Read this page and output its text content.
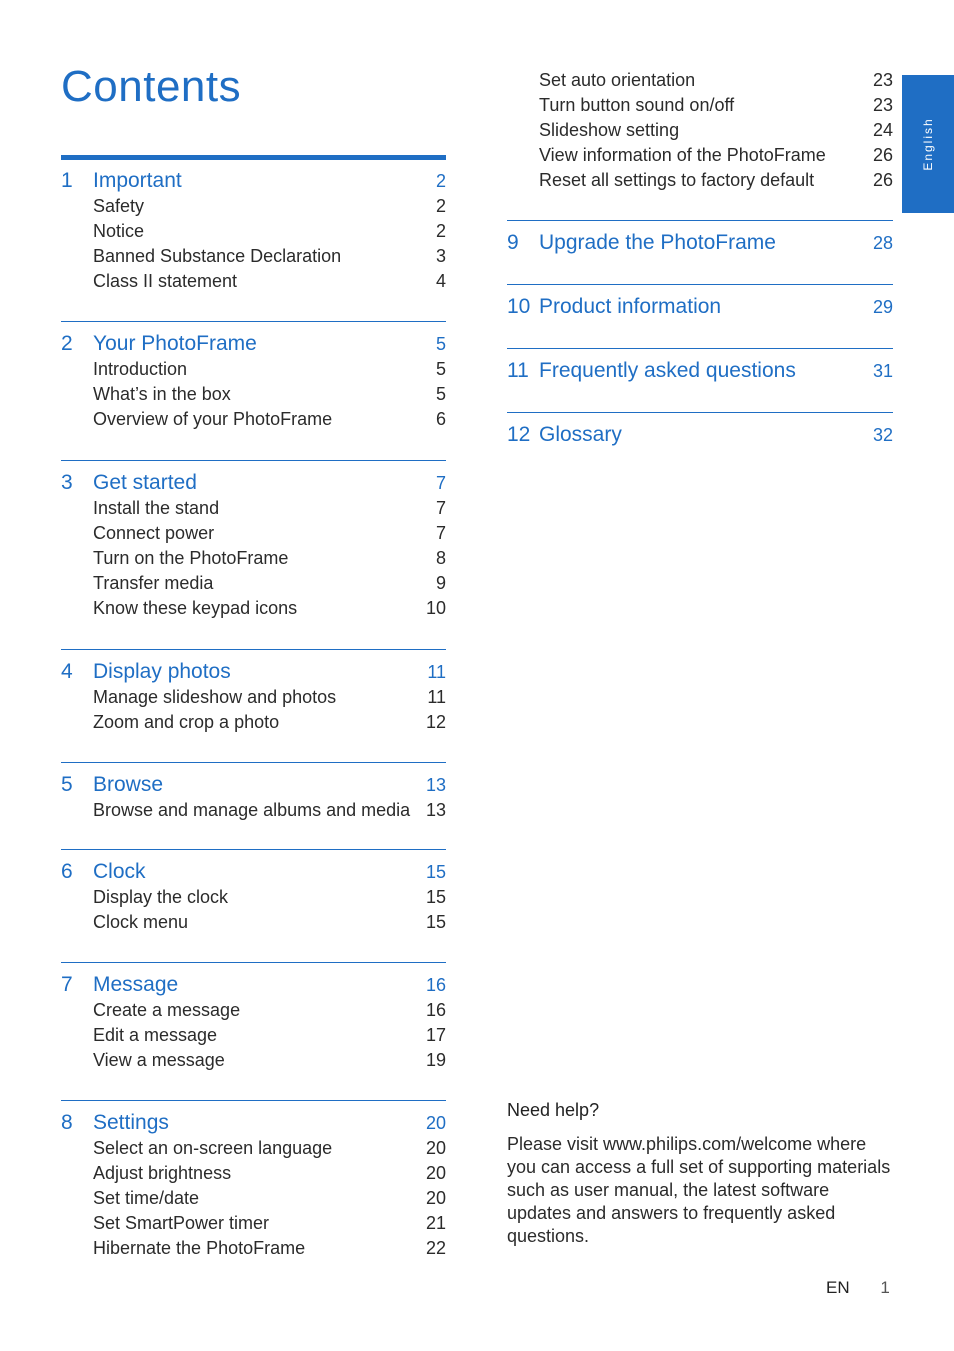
Contents
English
1 Important	2
Safety	2
Notice	2
Banned Substance Declaration	3
Class II statement	4
2 Your PhotoFrame	5
Introduction	5
What’s in the box	5
Overview of your PhotoFrame	6
3 Get started	7
Install the stand	7
Connect power	7
Turn on the PhotoFrame	8
Transfer media	9
Know these keypad icons	10
4 Display photos	11
Manage slideshow and photos	11
Zoom and crop a photo	12
5 Browse	13
Browse and manage albums and media 13
6 Clock	15
Display the clock	15
Clock menu	15
7 Message	16
Create a message	16
Edit a message	17
View a message	19
8 Settings	20
Select an on-screen language	20
Adjust brightness	20
Set time/date	20
Set SmartPower timer	21
Hibernate the PhotoFrame	22
Set auto orientation	23
Turn button sound on/off	23
Slideshow setting	24
View information of the PhotoFrame	26
Reset all settings to factory default	26
9 Upgrade the PhotoFrame	28
10 Product information	29
11 Frequently asked questions	31
12 Glossary	32
Need help?

Please visit www.philips.com/welcome where you can access a full set of supporting materials such as user manual, the latest software updates and answers to frequently asked questions.

EN 1
